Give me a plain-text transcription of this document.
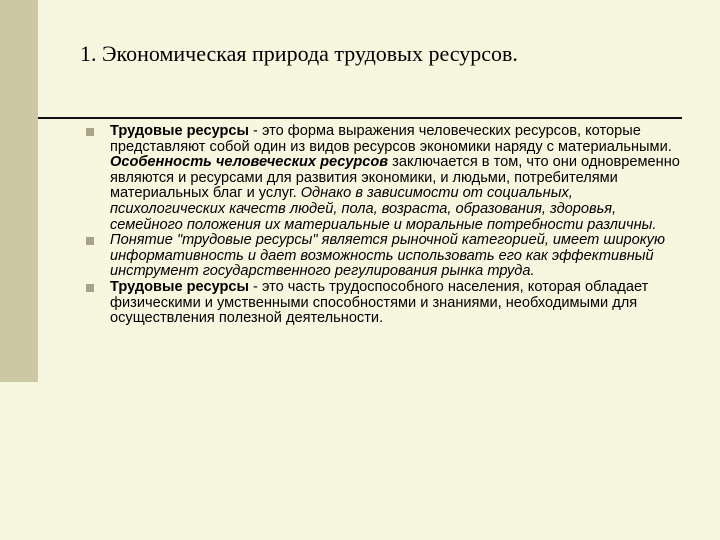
1. Экономическая природа трудовых ресурсов.
Трудовые ресурсы - это форма выражения человеческих ресурсов, которые представляют собой один из видов ресурсов экономики наряду с материальными. Особенность человеческих ресурсов заключается в том, что они одновременно являются и ресурсами для развития экономики, и людьми, потребителями материальных благ и услуг. Однако в зависимости от социальных, психологических качеств людей, пола, возраста, образования, здоровья, семейного положения их материальные и моральные потребности различны.
Понятие "трудовые ресурсы" является рыночной категорией, имеет широкую информативность и дает возможность использовать его как эффективный инструмент государственного регулирования рынка труда.
Трудовые ресурсы - это часть трудоспособного населения, которая обладает физическими и умственными способностями и знаниями, необходимыми для осуществления полезной деятельности.
